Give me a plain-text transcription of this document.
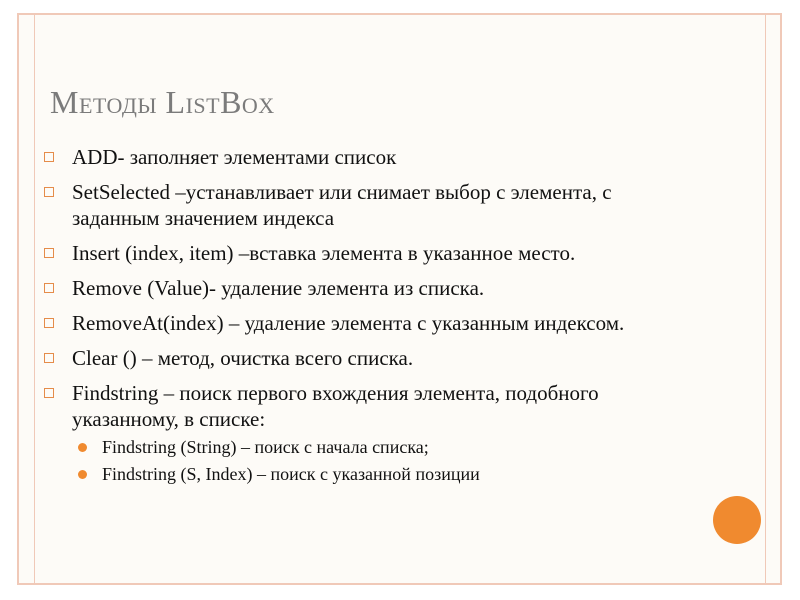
Методы ListBox
ADD- заполняет элементами список
SetSelected –устанавливает или снимает выбор с элемента, с заданным значением индекса
Insert (index, item) –вставка элемента в указанное место.
Remove (Value)- удаление элемента из списка.
RemoveAt(index) – удаление элемента с указанным индексом.
Clear () – метод, очистка всего списка.
Findstring – поиск первого вхождения элемента, подобного указанному, в списке:
Findstring (String) – поиск с начала списка;
Findstring (S, Index) – поиск с указанной позиции
